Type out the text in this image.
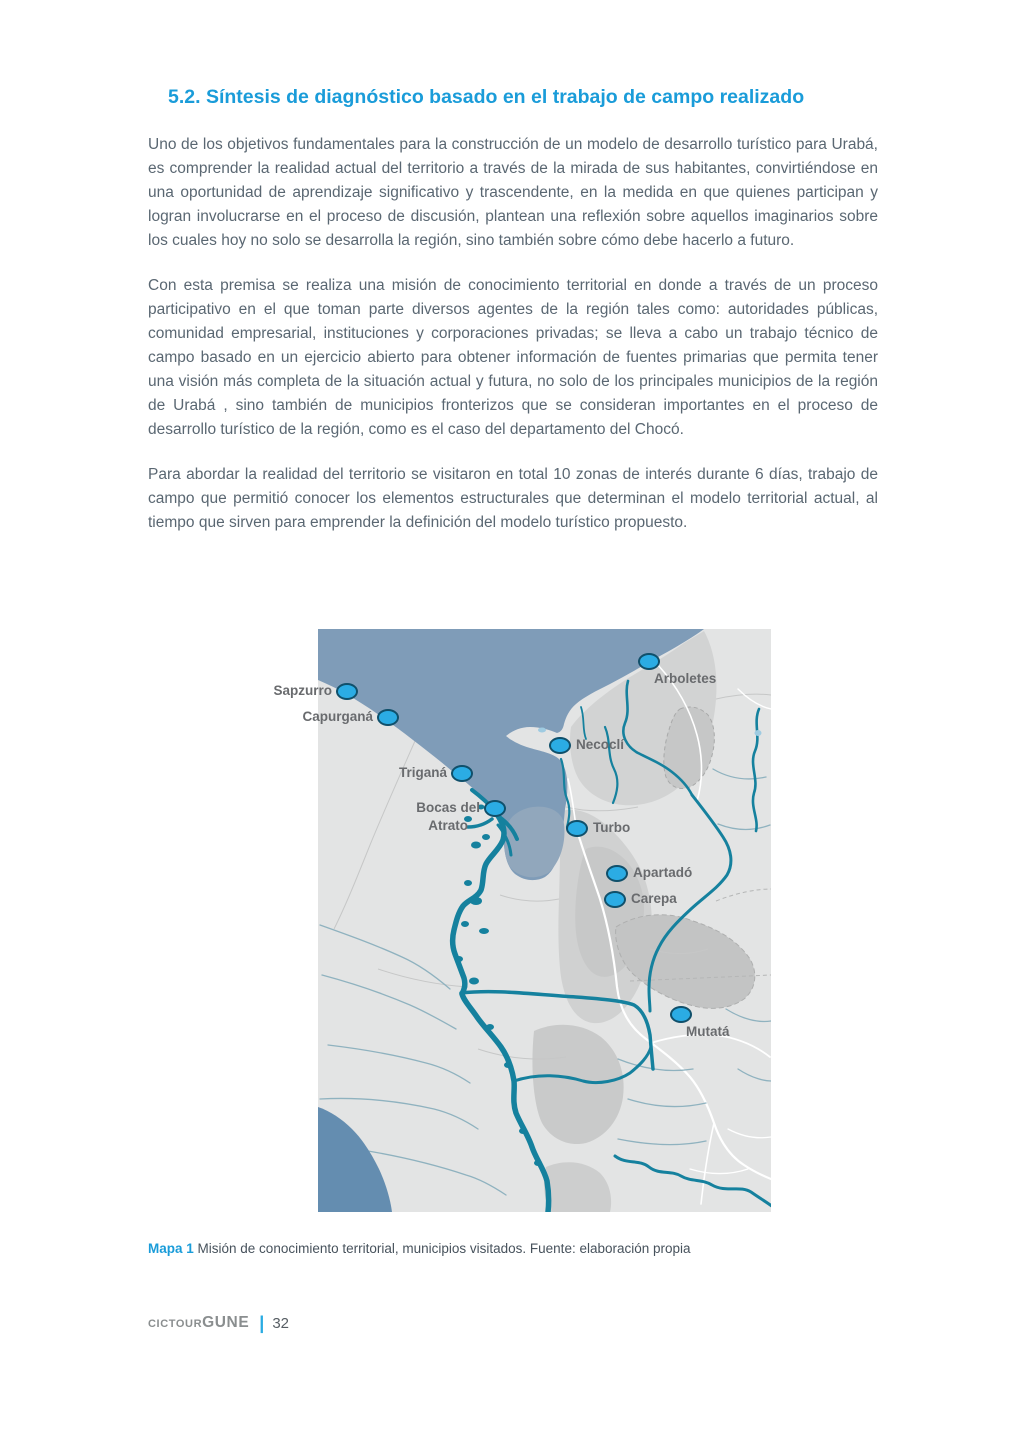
5.2. Síntesis de diagnóstico basado en el trabajo de campo realizado

Uno de los objetivos fundamentales para la construcción de un modelo de desarrollo turístico para Urabá, es comprender la realidad actual del territorio a través de la mirada de sus habitantes, convirtiéndose en una oportunidad de aprendizaje significativo y trascendente, en la medida en que quienes participan y logran involucrarse en el proceso de discusión, plantean una reflexión sobre aquellos imaginarios sobre los cuales hoy no solo se desarrolla la región, sino también sobre cómo debe hacerlo a futuro.

Con esta premisa se realiza una misión de conocimiento territorial en donde a través de un proceso participativo en el que toman parte diversos agentes de la región tales como: autoridades públicas, comunidad empresarial, instituciones y corporaciones privadas; se lleva a cabo un trabajo técnico de campo basado en un ejercicio abierto para obtener información de fuentes primarias que permita tener una visión más completa de la situación actual y futura, no solo de los principales municipios de la región de Urabá , sino también de municipios fronterizos que se consideran importantes en el proceso de desarrollo turístico de la región, como es el caso del departamento del Chocó.

Para abordar la realidad del territorio se visitaron en total 10 zonas de interés durante 6 días, trabajo de campo que permitió conocer los elementos estructurales que determinan el modelo territorial actual, al tiempo que sirven para emprender la definición del modelo turístico propuesto.

Sapzurro
Capurganá
Triganá
Bocas del
Atrato
Necoclí
Arboletes
Turbo
Apartadó
Carepa
Mutatá
Mapa 1 Misión de conocimiento territorial, municipios visitados. Fuente: elaboración propia
cictourGUNE | 32
